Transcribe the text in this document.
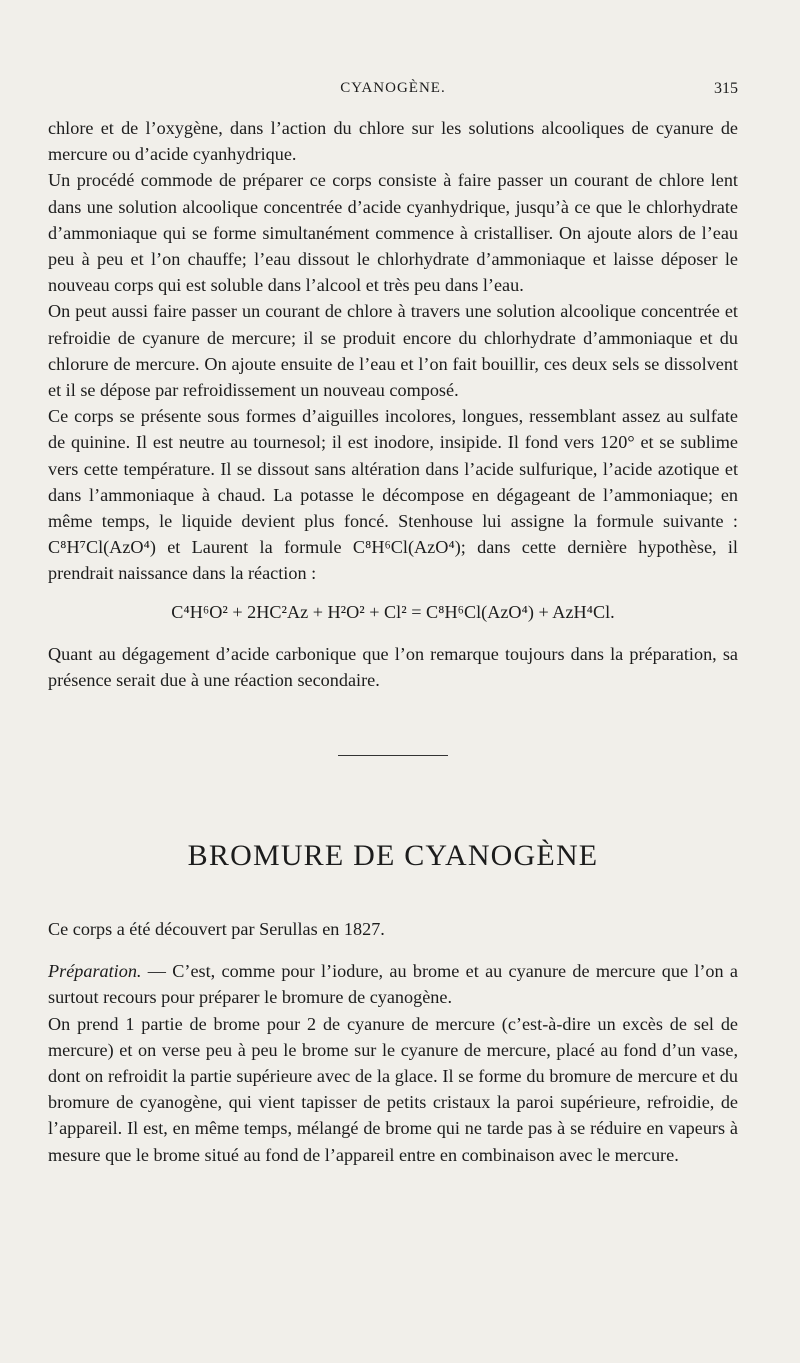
CYANOGÈNE.	315

chlore et de l’oxygène, dans l’action du chlore sur les solutions alcooliques de cyanure de mercure ou d’acide cyanhydrique.

Un procédé commode de préparer ce corps consiste à faire passer un courant de chlore lent dans une solution alcoolique concentrée d’acide cyanhydrique, jusqu’à ce que le chlorhydrate d’ammoniaque qui se forme simultanément commence à cristalliser. On ajoute alors de l’eau peu à peu et l’on chauffe; l’eau dissout le chlorhydrate d’ammoniaque et laisse déposer le nouveau corps qui est soluble dans l’alcool et très peu dans l’eau.

On peut aussi faire passer un courant de chlore à travers une solution alcoolique concentrée et refroidie de cyanure de mercure; il se produit encore du chlorhydrate d’ammoniaque et du chlorure de mercure. On ajoute ensuite de l’eau et l’on fait bouillir, ces deux sels se dissolvent et il se dépose par refroidissement un nouveau composé.

Ce corps se présente sous formes d’aiguilles incolores, longues, ressemblant assez au sulfate de quinine. Il est neutre au tournesol; il est inodore, insipide. Il fond vers 120° et se sublime vers cette température. Il se dissout sans altération dans l’acide sulfurique, l’acide azotique et dans l’ammoniaque à chaud. La potasse le décompose en dégageant de l’ammoniaque; en même temps, le liquide devient plus foncé. Stenhouse lui assigne la formule suivante : C⁸H⁷Cl(AzO⁴) et Laurent la formule C⁸H⁶Cl(AzO⁴); dans cette dernière hypothèse, il prendrait naissance dans la réaction :

C⁴H⁶O² + 2HC²Az + H²O² + Cl² = C⁸H⁶Cl(AzO⁴) + AzH⁴Cl.

Quant au dégagement d’acide carbonique que l’on remarque toujours dans la préparation, sa présence serait due à une réaction secondaire.

BROMURE DE CYANOGÈNE

Ce corps a été découvert par Serullas en 1827.

Préparation. — C’est, comme pour l’iodure, au brome et au cyanure de mercure que l’on a surtout recours pour préparer le bromure de cyanogène.

On prend 1 partie de brome pour 2 de cyanure de mercure (c’est-à-dire un excès de sel de mercure) et on verse peu à peu le brome sur le cyanure de mercure, placé au fond d’un vase, dont on refroidit la partie supérieure avec de la glace. Il se forme du bromure de mercure et du bromure de cyanogène, qui vient tapisser de petits cristaux la paroi supérieure, refroidie, de l’appareil. Il est, en même temps, mélangé de brome qui ne tarde pas à se réduire en vapeurs à mesure que le brome situé au fond de l’appareil entre en combinaison avec le mercure.
